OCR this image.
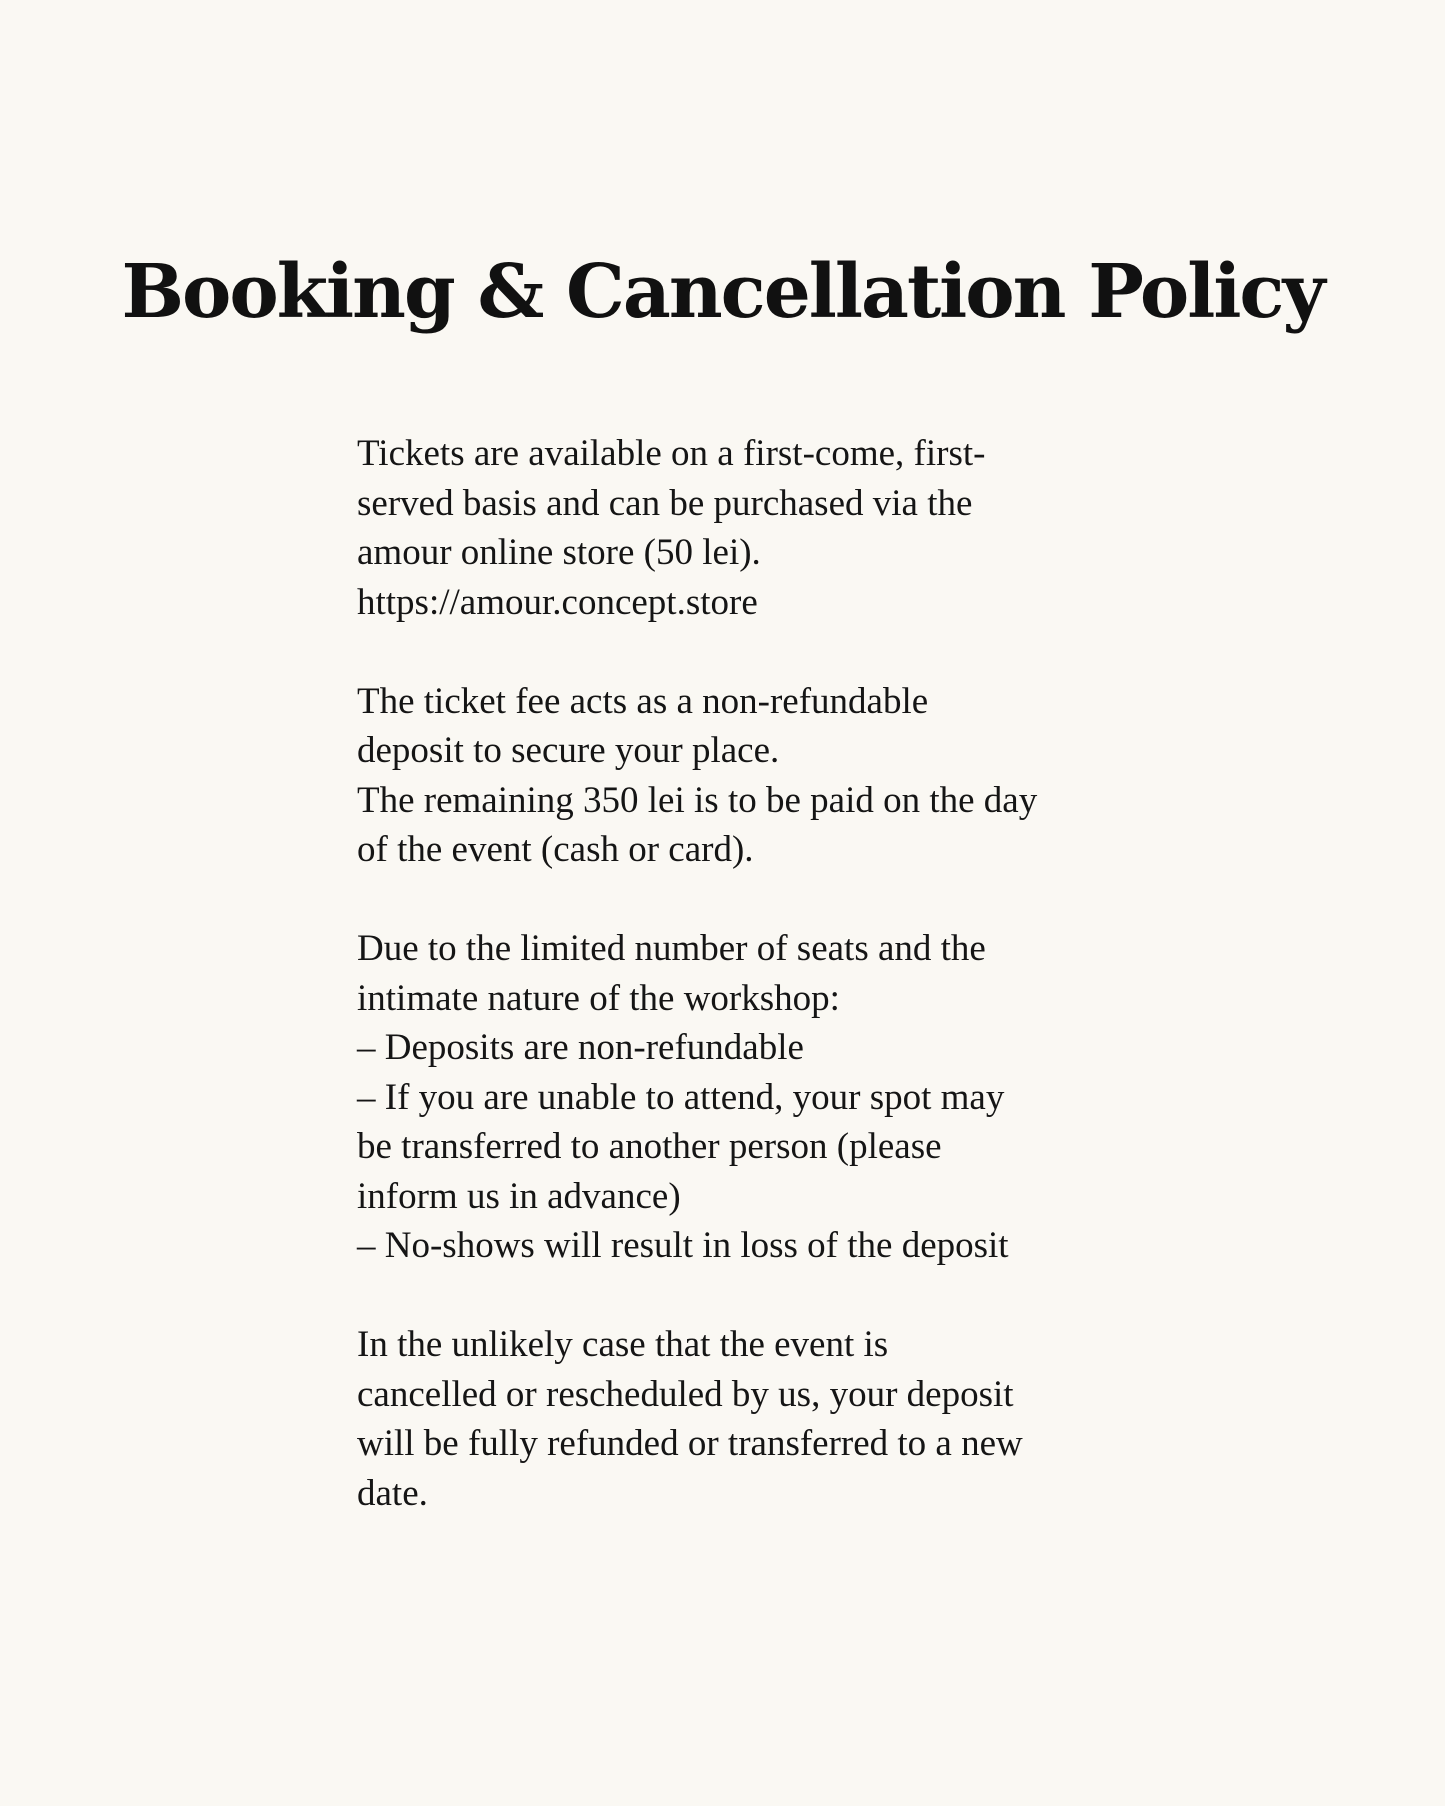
Booking & Cancellation Policy

Tickets are available on a first-come, first-
served basis and can be purchased via the
amour online store (50 lei).
https://amour.concept.store

The ticket fee acts as a non-refundable
deposit to secure your place.
The remaining 350 lei is to be paid on the day
of the event (cash or card).

Due to the limited number of seats and the
intimate nature of the workshop:
– Deposits are non-refundable
– If you are unable to attend, your spot may
be transferred to another person (please
inform us in advance)
– No-shows will result in loss of the deposit

In the unlikely case that the event is
cancelled or rescheduled by us, your deposit
will be fully refunded or transferred to a new
date.
